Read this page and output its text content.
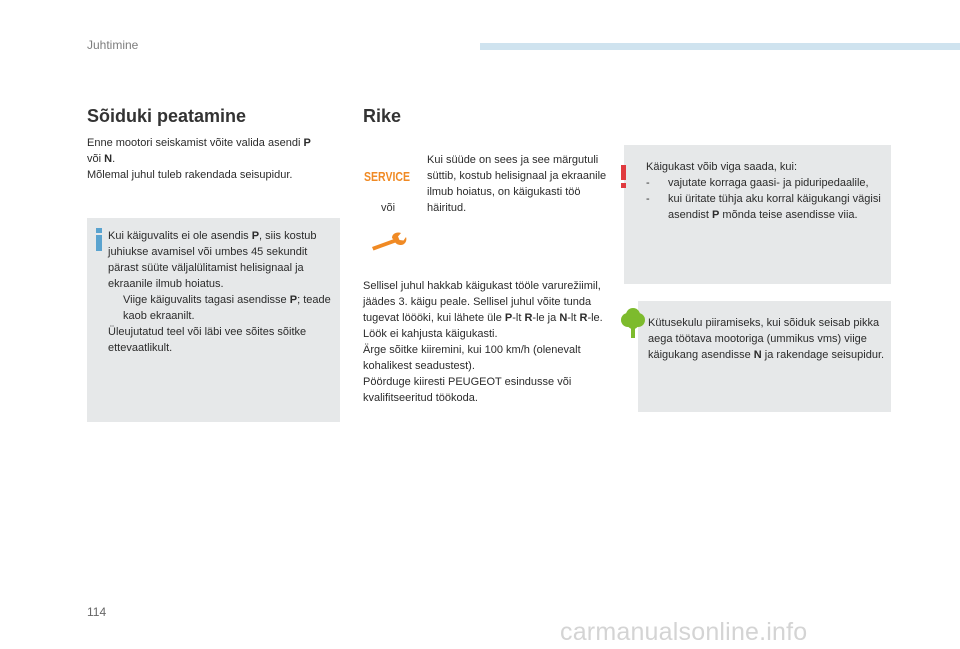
Juhtimine
Sõiduki peatamine
Enne mootori seiskamist võite valida asendi P
või N.
Mõlemal juhul tuleb rakendada seisupidur.
Kui käiguvalits ei ole asendis P, siis kostub juhiukse avamisel või umbes 45 sekundit pärast süüte väljalülitamist helisignaal ja ekraanile ilmub hoiatus.
Viige käiguvalits tagasi asendisse P; teade kaob ekraanilt.
Üleujutatud teel või läbi vee sõites sõitke ettevaatlikult.
Rike
SERVICE
või
Kui süüde on sees ja see märgutuli süttib, kostub helisignaal ja ekraanile ilmub hoiatus, on käigukasti töö häiritud.
Sellisel juhul hakkab käigukast tööle varurežiimil, jäädes 3. käigu peale. Sellisel juhul võite tunda tugevat löööki, kui lähete üle P-lt R-le ja N-lt R-le. Löök ei kahjusta käigukasti.
Ärge sõitke kiiremini, kui 100 km/h (olenevalt kohalikest seadustest).
Pöörduge kiiresti PEUGEOT esindusse või kvalifitseeritud töökoda.
Käigukast võib viga saada, kui:
-	vajutate korraga gaasi- ja piduripedaalile,
-	kui üritate tühja aku korral käigukangi vägisi asendist P mõnda teise asendisse viia.
Kütusekulu piiramiseks, kui sõiduk seisab pikka aega töötava mootoriga (ummikus vms) viige käigukang asendisse N ja rakendage seisupidur.
114
carmanualsonline.info
